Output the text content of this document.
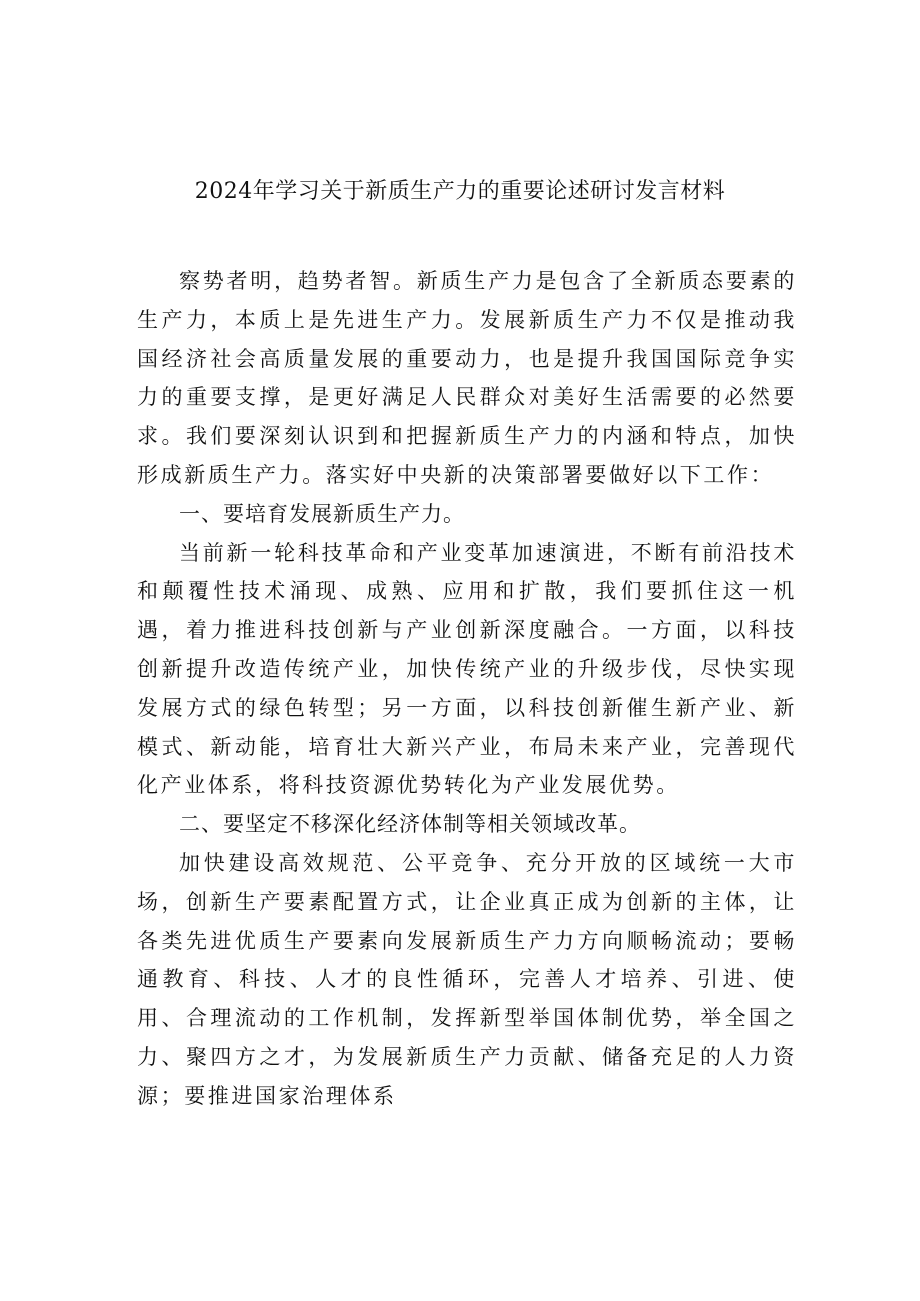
2024年学习关于新质生产力的重要论述研讨发言材料

察势者明，趋势者智。新质生产力是包含了全新质态要素的生产力，本质上是先进生产力。发展新质生产力不仅是推动我国经济社会高质量发展的重要动力，也是提升我国国际竞争实力的重要支撑，是更好满足人民群众对美好生活需要的必然要求。我们要深刻认识到和把握新质生产力的内涵和特点，加快形成新质生产力。落实好中央新的决策部署要做好以下工作：

一、要培育发展新质生产力。

当前新一轮科技革命和产业变革加速演进，不断有前沿技术和颠覆性技术涌现、成熟、应用和扩散，我们要抓住这一机遇，着力推进科技创新与产业创新深度融合。一方面，以科技创新提升改造传统产业，加快传统产业的升级步伐，尽快实现发展方式的绿色转型；另一方面，以科技创新催生新产业、新模式、新动能，培育壮大新兴产业，布局未来产业，完善现代化产业体系，将科技资源优势转化为产业发展优势。

二、要坚定不移深化经济体制等相关领域改革。

加快建设高效规范、公平竞争、充分开放的区域统一大市场，创新生产要素配置方式，让企业真正成为创新的主体，让各类先进优质生产要素向发展新质生产力方向顺畅流动；要畅通教育、科技、人才的良性循环，完善人才培养、引进、使用、合理流动的工作机制，发挥新型举国体制优势，举全国之力、聚四方之才，为发展新质生产力贡献、储备充足的人力资源；要推进国家治理体系
